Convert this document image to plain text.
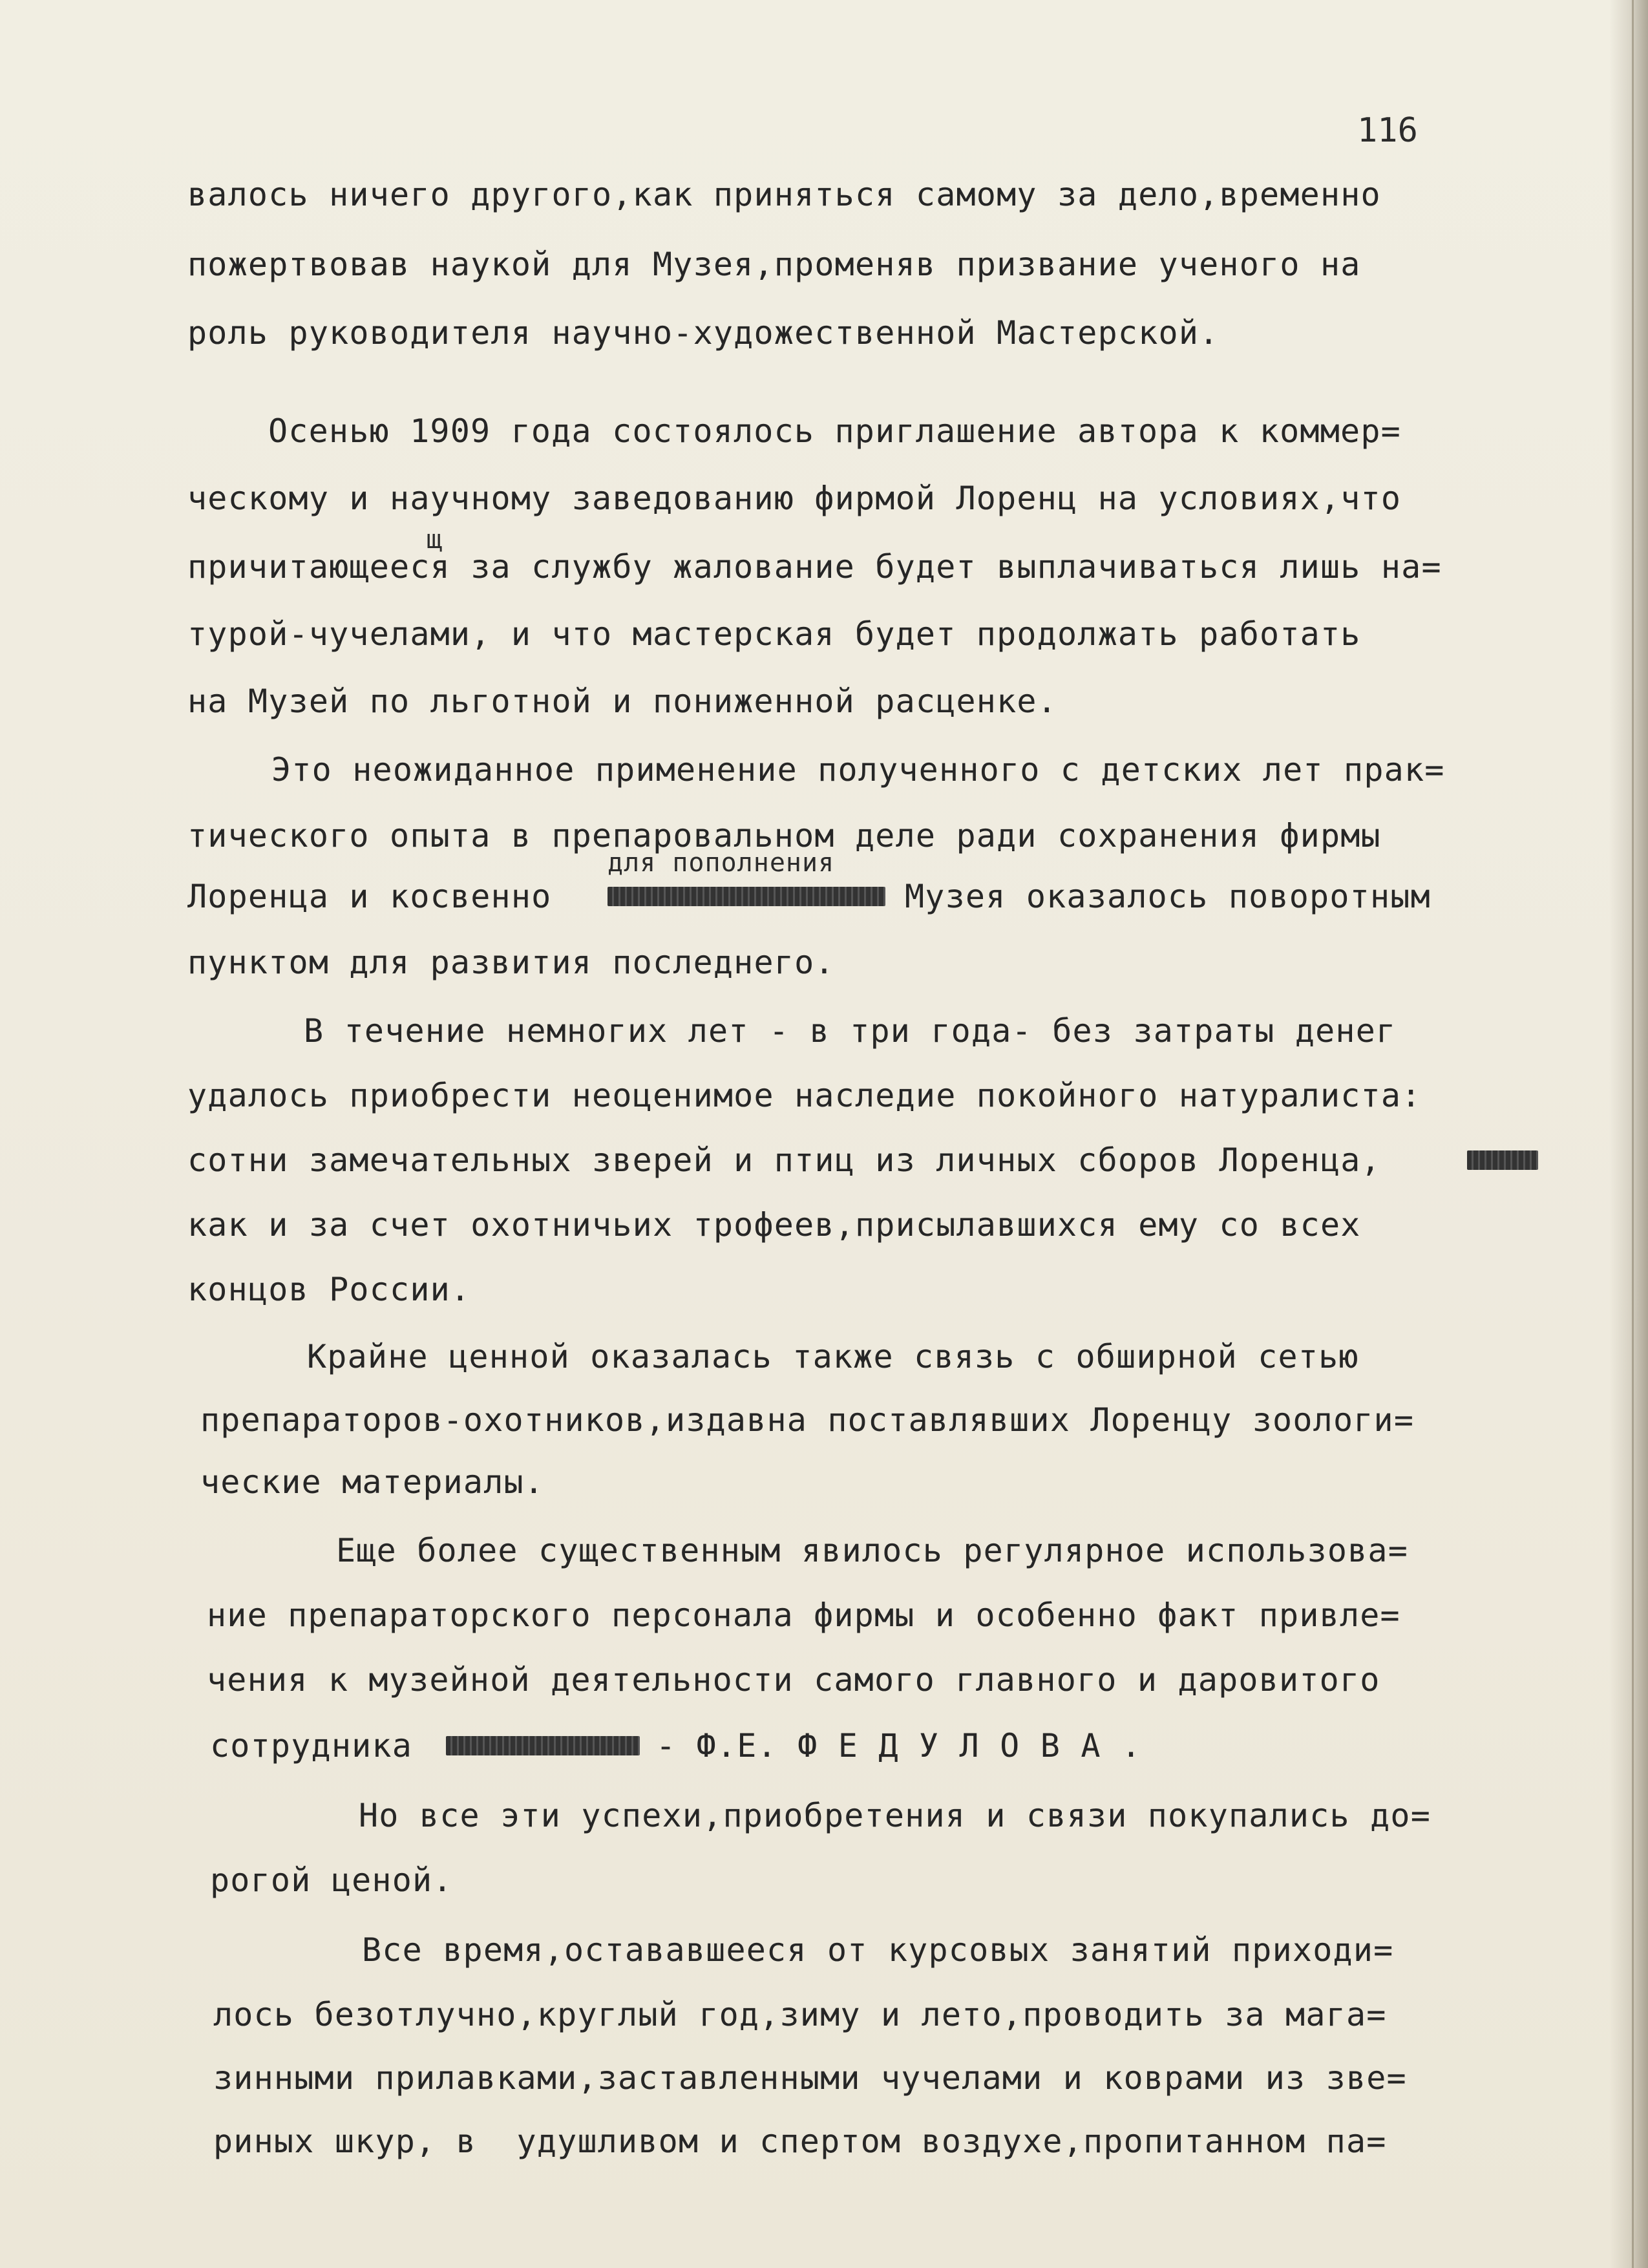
116
валось ничего другого,как приняться самому за дело,временно
пожертвовав наукой для Музея,променяв призвание ученого на
роль руководителя научно-художественной Мастерской.
Осенью 1909 года состоялось приглашение автора к коммер=
ческому и научному заведованию фирмой Лоренц на условиях,что
щ
причитающееся за службу жалование будет выплачиваться лишь на=
турой-чучелами, и что мастерская будет продолжать работать
на Музей по льготной и пониженной расценке.
Это неожиданное применение полученного с детских лет прак=
тического опыта в препаровальном деле ради сохранения фирмы
для пополнения
Лоренца и косвенно	Музея оказалось поворотным
пунктом для развития последнего.
В течение немногих лет - в три года- без затраты денег
удалось приобрести неоценимое наследие покойного натуралиста:
сотни замечательных зверей и птиц из личных сборов Лоренца,
как и за счет охотничьих трофеев,присылавшихся ему со всех
концов России.
Крайне ценной оказалась также связь с обширной сетью
препараторов-охотников,издавна поставлявших Лоренцу зоологи=
ческие материалы.
Еще более существенным явилось регулярное использова=
ние препараторского персонала фирмы и особенно факт привле=
чения к музейной деятельности самого главного и даровитого
сотрудника	- Ф.Е. Ф Е Д У Л О В А .
Но все эти успехи,приобретения и связи покупались до=
рогой ценой.
Все время,остававшееся от курсовых занятий приходи=
лось безотлучно,круглый год,зиму и лето,проводить за мага=
зинными прилавками,заставленными чучелами и коврами из зве=
риных шкур, в  удушливом и спертом воздухе,пропитанном па=
